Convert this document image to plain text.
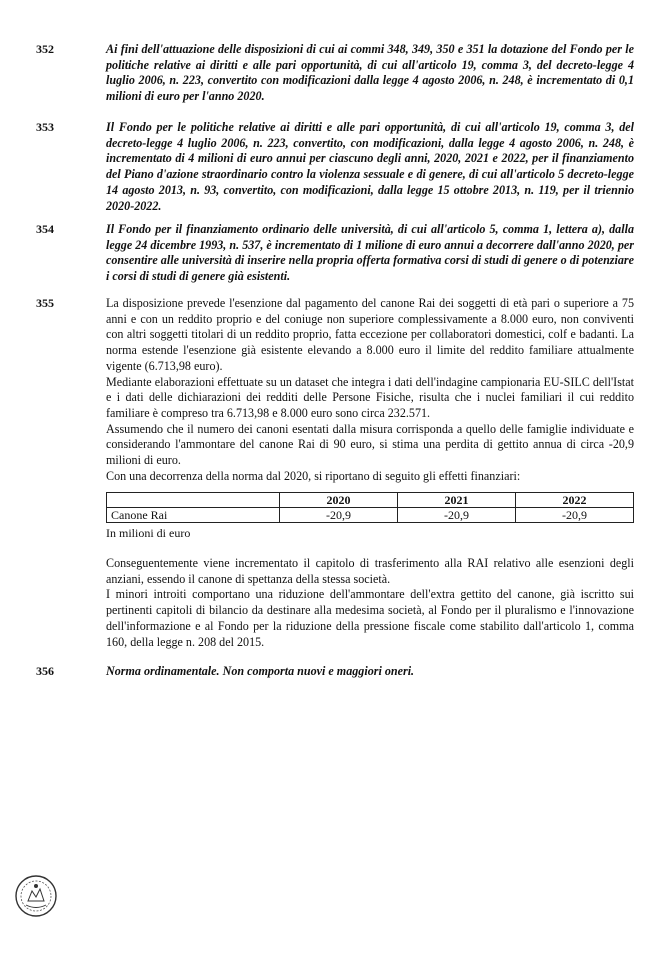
352	Ai fini dell'attuazione delle disposizioni di cui ai commi 348, 349, 350 e 351 la dotazione del Fondo per le politiche relative ai diritti e alle pari opportunità, di cui all'articolo 19, comma 3, del decreto-legge 4 luglio 2006, n. 223, convertito con modificazioni dalla legge 4 agosto 2006, n. 248, è incrementato di 0,1 milioni di euro per l'anno 2020.
353	Il Fondo per le politiche relative ai diritti e alle pari opportunità, di cui all'articolo 19, comma 3, del decreto-legge 4 luglio 2006, n. 223, convertito, con modificazioni, dalla legge 4 agosto 2006, n. 248, è incrementato di 4 milioni di euro annui per ciascuno degli anni, 2020, 2021 e 2022, per il finanziamento del Piano d'azione straordinario contro la violenza sessuale e di genere, di cui all'articolo 5 decreto-legge 14 agosto 2013, n. 93, convertito, con modificazioni, dalla legge 15 ottobre 2013, n. 119, per il triennio 2020-2022.
354	Il Fondo per il finanziamento ordinario delle università, di cui all'articolo 5, comma 1, lettera a), dalla legge 24 dicembre 1993, n. 537, è incrementato di 1 milione di euro annui a decorrere dall'anno 2020, per consentire alle università di inserire nella propria offerta formativa corsi di studi di genere o di potenziare i corsi di studi di genere già esistenti.
355	La disposizione prevede l'esenzione dal pagamento del canone Rai dei soggetti di età pari o superiore a 75 anni e con un reddito proprio e del coniuge non superiore complessivamente a 8.000 euro, non conviventi con altri soggetti titolari di un reddito proprio, fatta eccezione per collaboratori domestici, colf e badanti. La norma estende l'esenzione già esistente elevando a 8.000 euro il limite del reddito familiare attualmente vigente (6.713,98 euro).

Mediante elaborazioni effettuate su un dataset che integra i dati dell'indagine campionaria EU-SILC dell'Istat e i dati delle dichiarazioni dei redditi delle Persone Fisiche, risulta che i nuclei familiari il cui reddito familiare è compreso tra 6.713,98 e 8.000 euro sono circa 232.571.

Assumendo che il numero dei canoni esentati dalla misura corrisponda a quello delle famiglie individuate e considerando l'ammontare del canone Rai di 90 euro, si stima una perdita di gettito annua di circa -20,9 milioni di euro.

Con una decorrenza della norma dal 2020, si riportano di seguito gli effetti finanziari:

	2020	2021	2022
Canone Rai	-20,9	-20,9	-20,9
In milioni di euro

Conseguentemente viene incrementato il capitolo di trasferimento alla RAI relativo alle esenzioni degli anziani, essendo il canone di spettanza della stessa società.

I minori introiti comportano una riduzione dell'ammontare dell'extra gettito del canone, già iscritto sui pertinenti capitoli di bilancio da destinare alla medesima società, al Fondo per il pluralismo e l'innovazione dell'informazione e al Fondo per la riduzione della pressione fiscale come stabilito dall'articolo 1, comma 160, della legge n. 208 del 2015.

356	Norma ordinamentale. Non comporta nuovi e maggiori oneri.
